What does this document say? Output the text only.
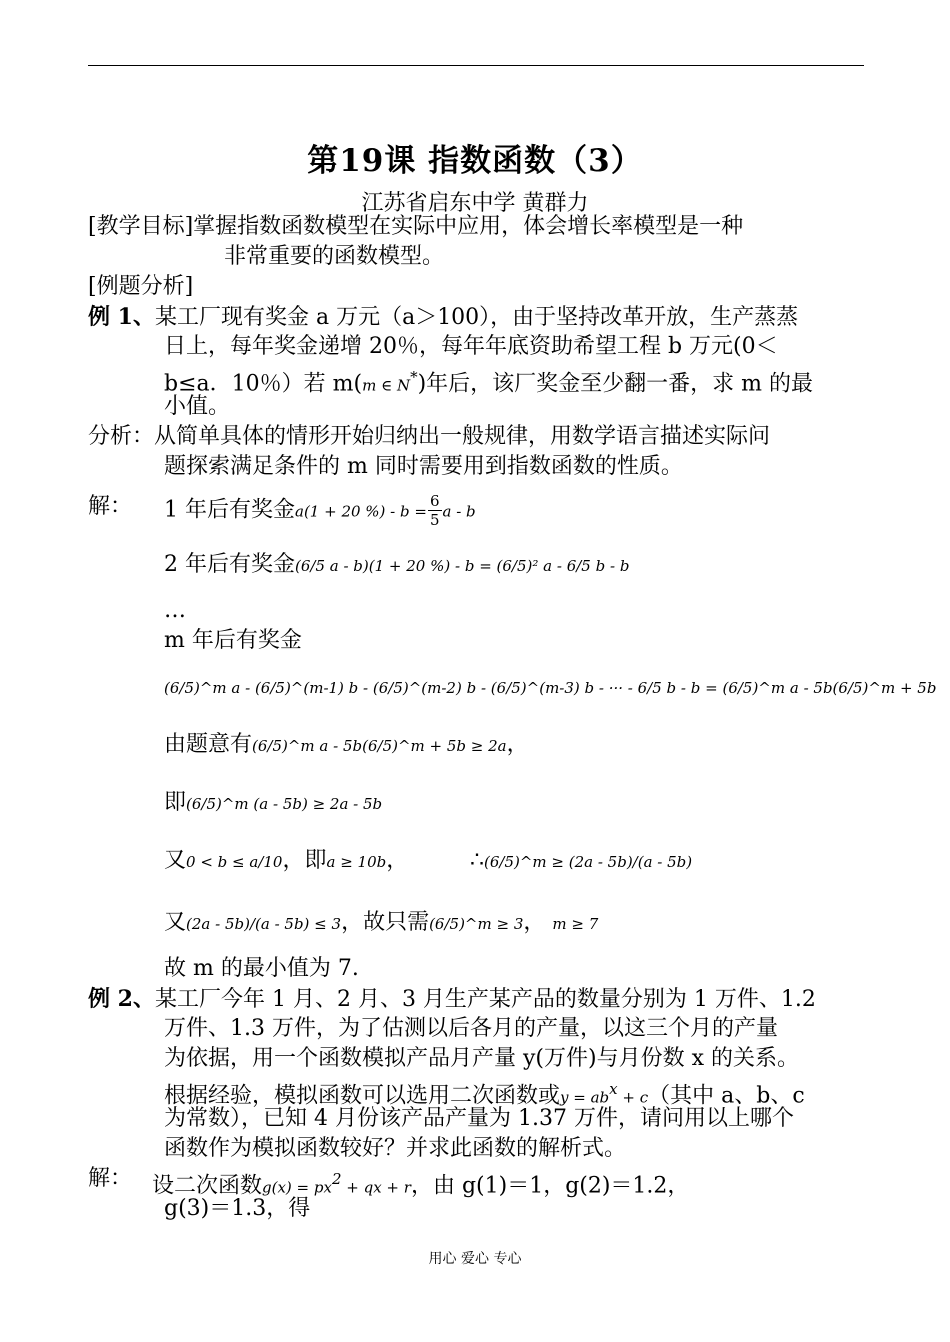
第19课 指数函数（3）
江苏省启东中学 黄群力
[教学目标]掌握指数函数模型在实际中应用，体会增长率模型是一种
非常重要的函数模型。
[例题分析]
例 1、某工厂现有奖金 a 万元（a＞100），由于坚持改革开放，生产蒸蒸
日上，每年奖金递增 20％，每年年底资助希望工程 b 万元(0＜
b≤a．10％）若 m(m ∈ N*)年后，该厂奖金至少翻一番，求 m 的最
小值。
分析：从简单具体的情形开始归纳出一般规律，用数学语言描述实际问
题探索满足条件的 m 同时需要用到指数函数的性质。
解： 1 年后有奖金a(1 + 20 %) - $b = \frac{6}{5}$ a - b
2 年后有奖金(6/5 a - b)(1 + 20 %) - b = (6/5)² a - 6/5 b - b
…
m 年后有奖金
(6/5)^m a - (6/5)^(m-1) b - (6/5)^(m-2) b - (6/5)^(m-3) b - ··· - 6/5 b - b = (6/5)^m a - 5b(6/5)^m + 5b
由题意有(6/5)^m a - 5b(6/5)^m + 5b ≥ 2a，
即(6/5)^m (a - 5b) ≥ 2a - 5b
又0 < b ≤ a/10，即a ≥ 10b，	∴(6/5)^m ≥ (2a - 5b)/(a - 5b)
又(2a - 5b)/(a - 5b) ≤ 3，故只需(6/5)^m ≥ 3， m ≥ 7
故 m 的最小值为 7.
例 2、某工厂今年 1 月、2 月、3 月生产某产品的数量分别为 1 万件、1.2
万件、1.3 万件，为了估测以后各月的产量，以这三个月的产量
为依据，用一个函数模拟产品月产量 y(万件)与月份数 x 的关系。
根据经验，模拟函数可以选用二次函数或$y = ab^x + c$（其中 a、b、c
为常数），已知 4 月份该产品产量为 1.37 万件，请问用以上哪个
函数作为模拟函数较好？并求此函数的解析式。
解： 设二次函数$g(x) = px^2$ + qx + r，由 g(1)＝1，g(2)＝1.2，
g(3)＝1.3，得
用心 爱心 专心
